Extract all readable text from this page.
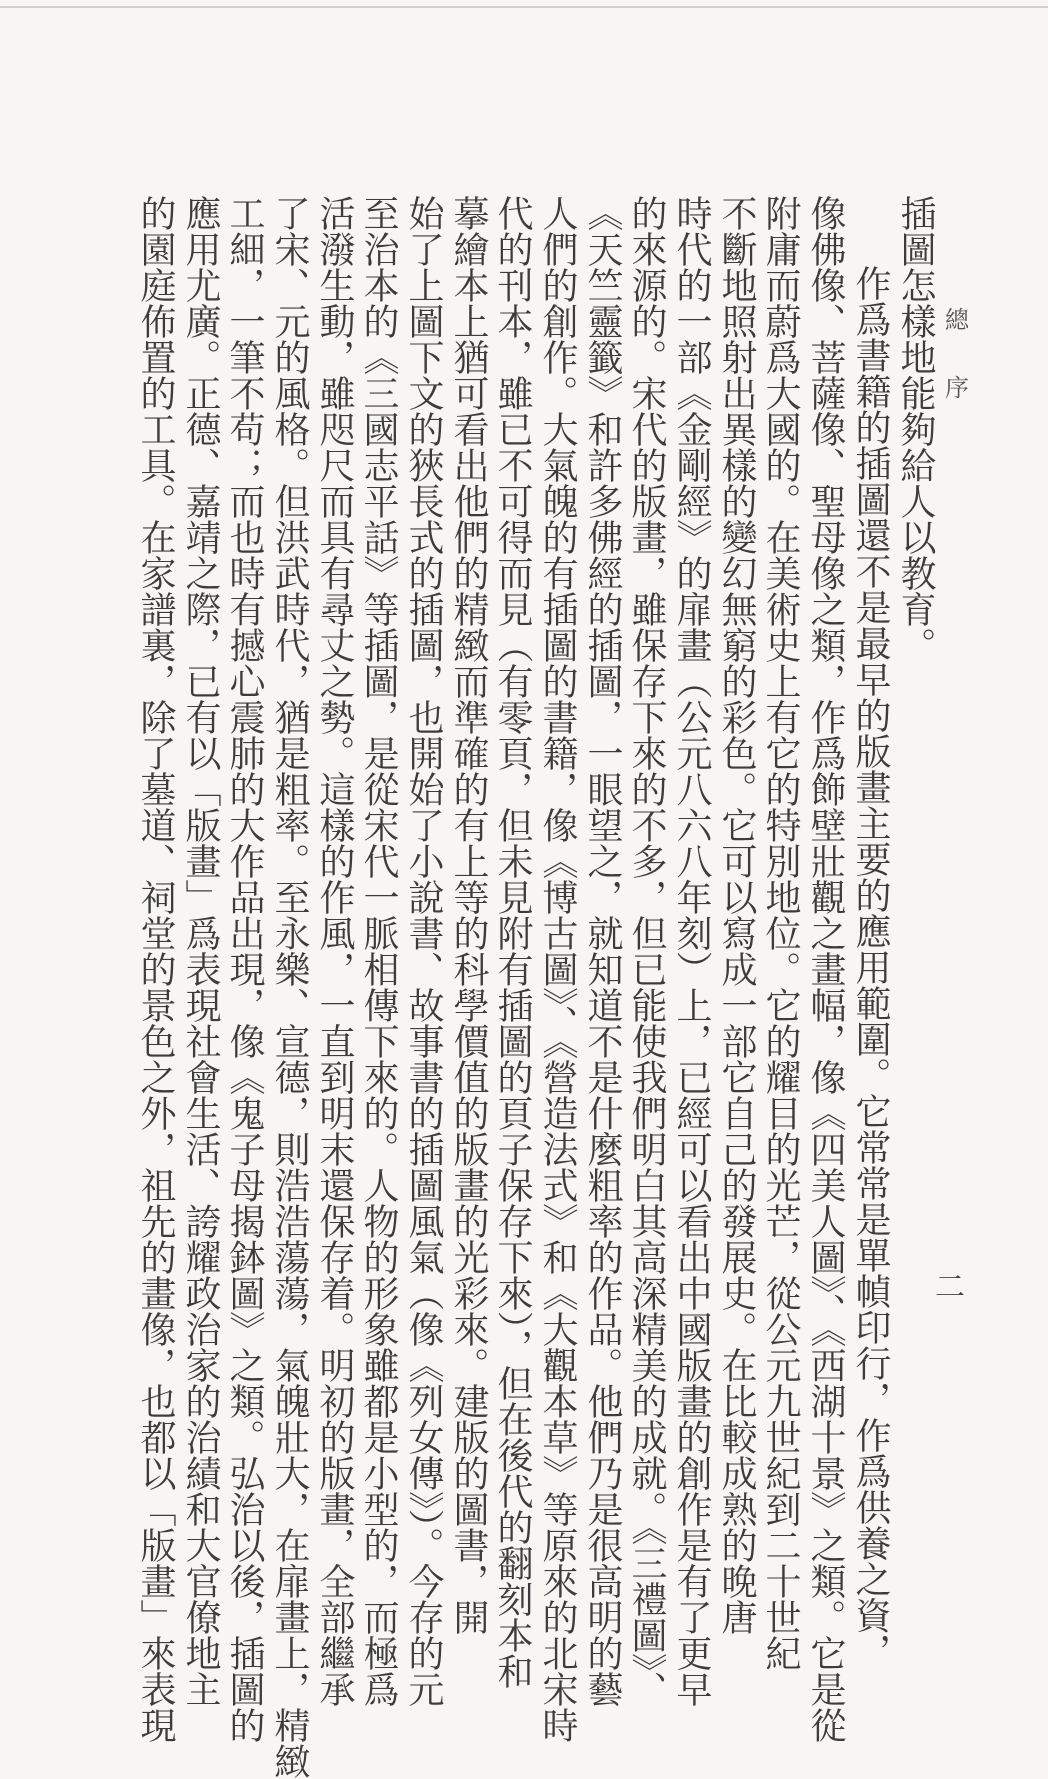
總
序
插圖怎樣地能夠給人以教育。
作爲書籍的插圖還不是最早的版畫主要的應用範圍。它常常是單幀印行，作爲供養之資，
像佛像、菩薩像、聖母像之類，作爲飾壁壯觀之畫幅，像《四美人圖》、《西湖十景》之類。它是從
附庸而蔚爲大國的。在美術史上有它的特別地位。它的耀目的光芒，從公元九世紀到二十世紀
不斷地照射出異樣的變幻無窮的彩色。它可以寫成一部它自己的發展史。在比較成熟的晚唐
時代的一部《金剛經》的扉畫（公元八六八年刻）上，已經可以看出中國版畫的創作是有了更早
的來源的。宋代的版畫，雖保存下來的不多，但已能使我們明白其高深精美的成就。《三禮圖》、
《天竺靈籤》和許多佛經的插圖，一眼望之，就知道不是什麼粗率的作品。他們乃是很高明的藝
人們的創作。大氣魄的有插圖的書籍，像《博古圖》、《營造法式》和《大觀本草》等原來的北宋時
代的刊本，雖已不可得而見（有零頁，但未見附有插圖的頁子保存下來），但在後代的翻刻本和
摹繪本上猶可看出他們的精緻而準確的有上等的科學價值的版畫的光彩來。建版的圖書，開
始了上圖下文的狹長式的插圖，也開始了小說書、故事書的插圖風氣（像《列女傳》）。今存的元
至治本的《三國志平話》等插圖，是從宋代一脈相傳下來的。人物的形象雖都是小型的，而極爲
活潑生動，雖咫尺而具有尋丈之勢。這樣的作風，一直到明末還保存着。明初的版畫，全部繼承
了宋、元的風格。但洪武時代，猶是粗率。至永樂、宣德，則浩浩蕩蕩，氣魄壯大，在扉畫上，精緻
工細，一筆不苟；而也時有撼心震肺的大作品出現，像《鬼子母揭鉢圖》之類。弘治以後，插圖的
應用尤廣。正德、嘉靖之際，已有以「版畫」爲表現社會生活、誇耀政治家的治績和大官僚地主
的園庭佈置的工具。在家譜裏，除了墓道、祠堂的景色之外，祖先的畫像，也都以「版畫」來表現	二
